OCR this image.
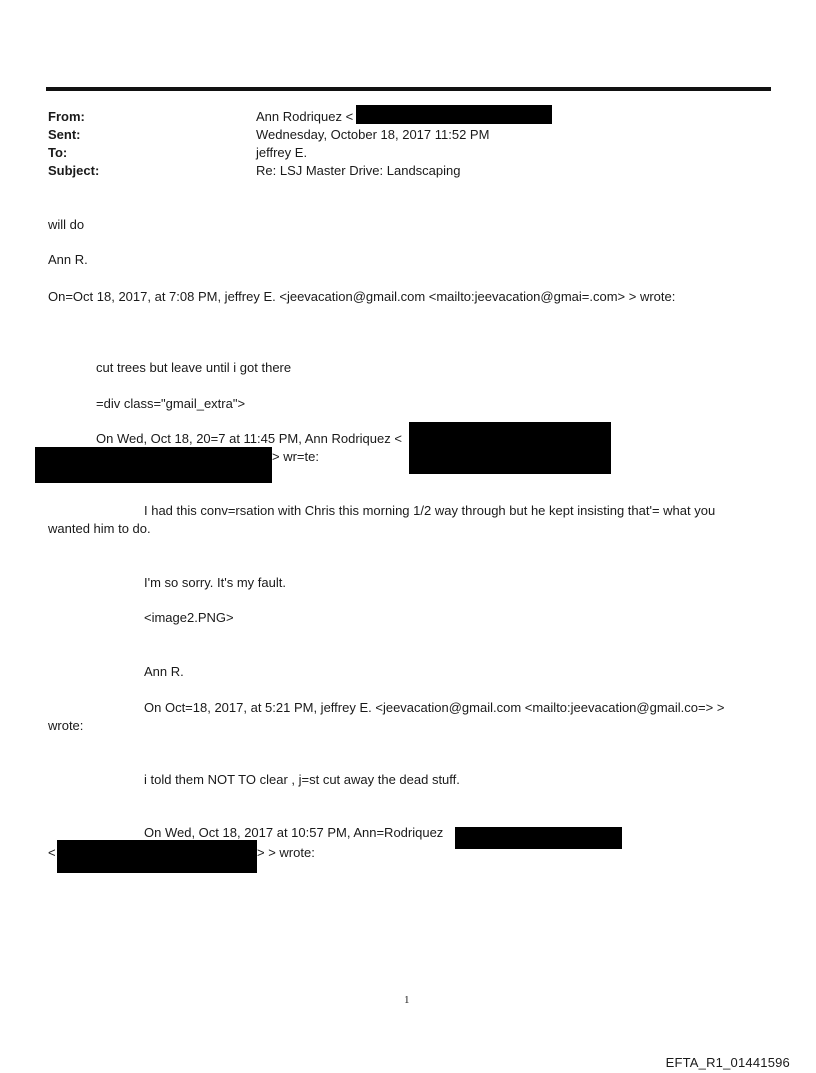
From:	Ann Rodriquez <
Sent:	Wednesday, October 18, 2017 11:52 PM
To:	jeffrey E.
Subject:	Re: LSJ Master Drive: Landscaping
will do
Ann R.
On=Oct 18, 2017, at 7:08 PM, jeffrey E. <jeevacation@gmail.com <mailto:jeevacation@gmai=.com> > wrote:
cut trees but leave until i got there
=div class="gmail_extra">
On Wed, Oct 18, 20=7 at 11:45 PM, Ann Rodriquez <
> wr=te:
I had this conv=rsation with Chris this morning 1/2 way through but he kept insisting that'= what you
wanted him to do.
I'm so sorry. It's my fault.
<image2.PNG>
Ann R.
On Oct=18, 2017, at 5:21 PM, jeffrey E. <jeevacation@gmail.com <mailto:jeevacation@gmail.co=> >
wrote:
i told them NOT TO clear , j=st cut away the dead stuff.
On Wed, Oct 18, 2017 at 10:57 PM, Ann=Rodriquez
<	> > wrote:
1
EFTA_R1_01441596
